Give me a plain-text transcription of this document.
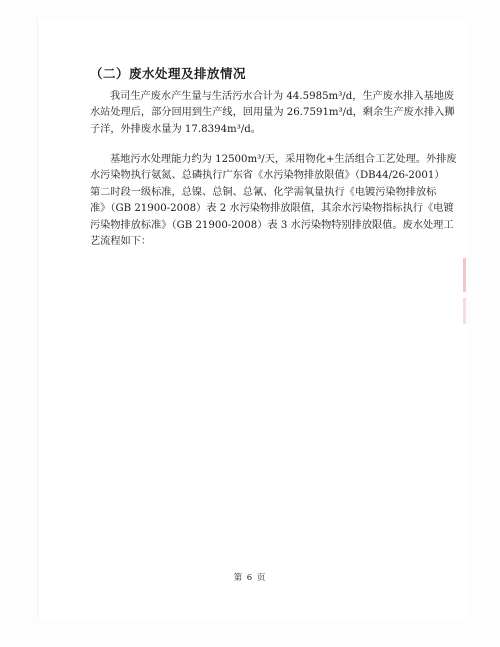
（二）废水处理及排放情况
我司生产废水产生量与生活污水合计为 44.5985m³/d，生产废水排入基地废
水站处理后，部分回用到生产线，回用量为 26.7591m³/d，剩余生产废水排入狮
子洋，外排废水量为 17.8394m³/d。
基地污水处理能力约为 12500m³/天，采用物化+生活组合工艺处理。外排废
水污染物执行氨氮、总磷执行广东省《水污染物排放限值》（DB44/26-2001）
第二时段一级标准，总镍、总铜、总氰、化学需氧量执行《电镀污染物排放标
准》（GB 21900-2008）表 2 水污染物排放限值，其余水污染物指标执行《电镀
污染物排放标准》（GB 21900-2008）表 3 水污染物特别排放限值。废水处理工
艺流程如下：
第 6 页
